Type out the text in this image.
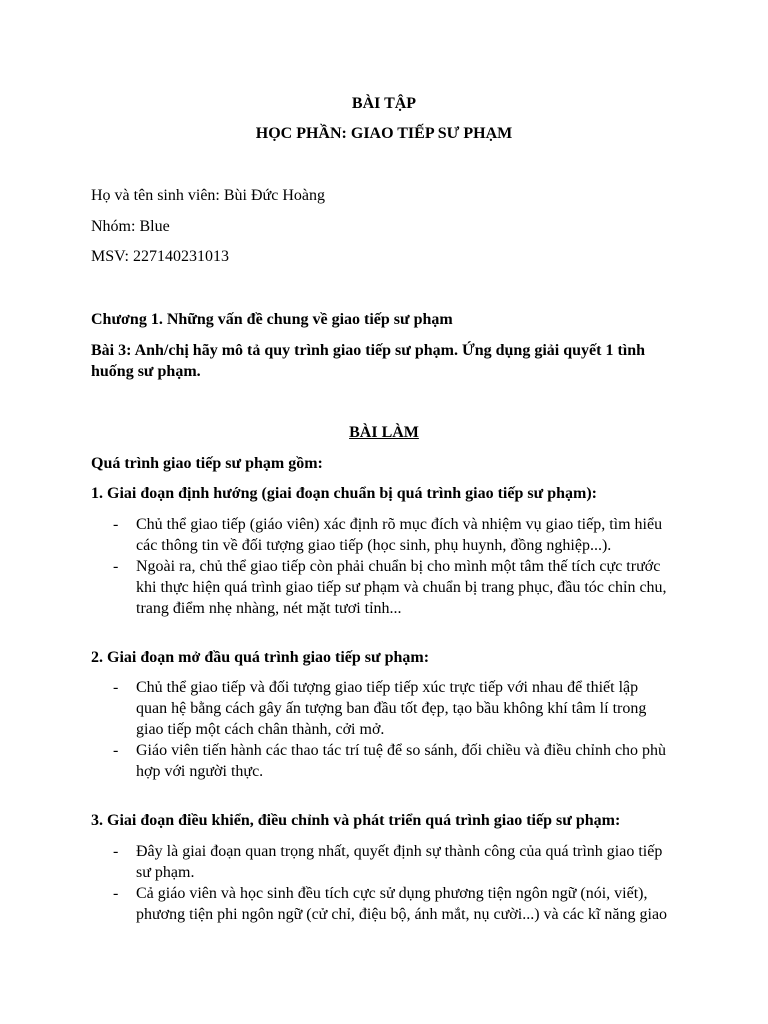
BÀI TẬP

HỌC PHẦN: GIAO TIẾP SƯ PHẠM

Họ và tên sinh viên: Bùi Đức Hoàng

Nhóm: Blue

MSV: 227140231013

Chương 1. Những vấn đề chung về giao tiếp sư phạm

Bài 3: Anh/chị hãy mô tả quy trình giao tiếp sư phạm. Ứng dụng giải quyết 1 tình
huống sư phạm.

BÀI LÀM

Quá trình giao tiếp sư phạm gồm:

1. Giai đoạn định hướng (giai đoạn chuẩn bị quá trình giao tiếp sư phạm):

- Chủ thể giao tiếp (giáo viên) xác định rõ mục đích và nhiệm vụ giao tiếp, tìm hiểu
các thông tin về đối tượng giao tiếp (học sinh, phụ huynh, đồng nghiệp...).
- Ngoài ra, chủ thể giao tiếp còn phải chuẩn bị cho mình một tâm thế tích cực trước
khi thực hiện quá trình giao tiếp sư phạm và chuẩn bị trang phục, đầu tóc chỉn chu,
trang điểm nhẹ nhàng, nét mặt tươi tỉnh...

2. Giai đoạn mở đầu quá trình giao tiếp sư phạm:

- Chủ thể giao tiếp và đối tượng giao tiếp tiếp xúc trực tiếp với nhau để thiết lập
quan hệ bằng cách gây ấn tượng ban đầu tốt đẹp, tạo bầu không khí tâm lí trong
giao tiếp một cách chân thành, cởi mở.
- Giáo viên tiến hành các thao tác trí tuệ để so sánh, đối chiều và điều chỉnh cho phù
hợp với người thực.

3. Giai đoạn điều khiển, điều chỉnh và phát triển quá trình giao tiếp sư phạm:

- Đây là giai đoạn quan trọng nhất, quyết định sự thành công của quá trình giao tiếp
sư phạm.
- Cả giáo viên và học sinh đều tích cực sử dụng phương tiện ngôn ngữ (nói, viết),
phương tiện phi ngôn ngữ (cử chỉ, điệu bộ, ánh mắt, nụ cười...) và các kĩ năng giao
